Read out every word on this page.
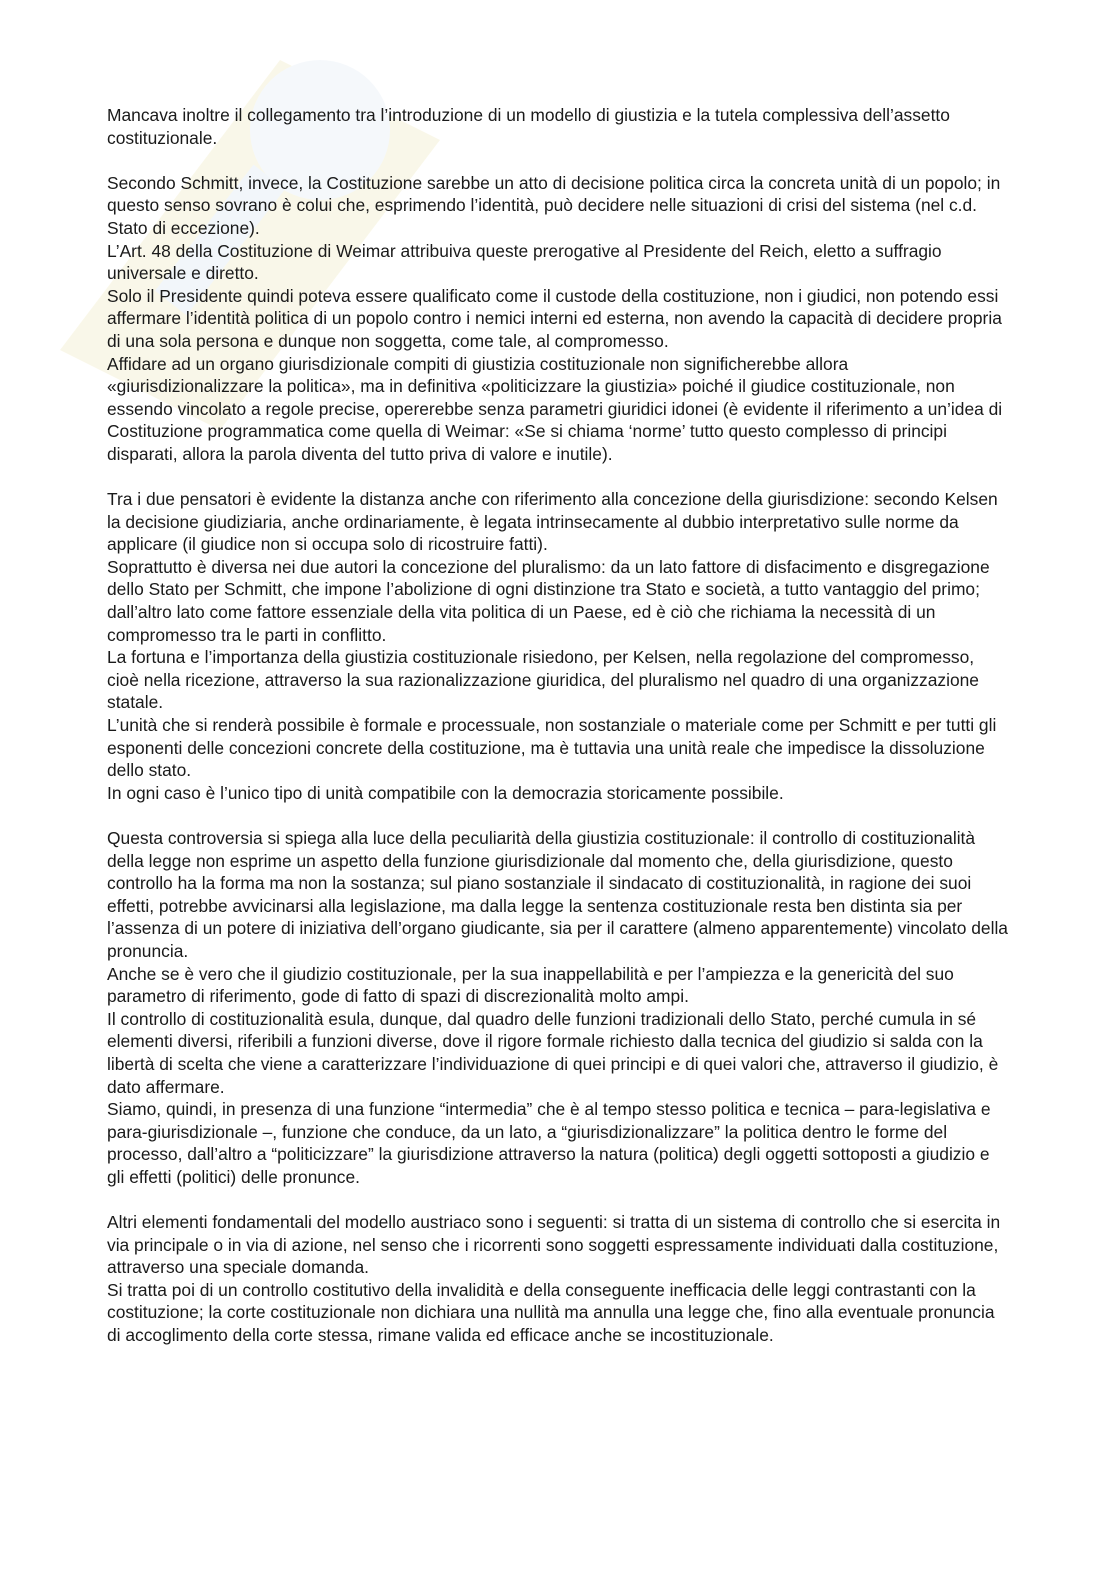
Mancava inoltre il collegamento tra l’introduzione di un modello di giustizia e la tutela complessiva dell’assetto costituzionale.

Secondo Schmitt, invece, la Costituzione sarebbe un atto di decisione politica circa la concreta unità di un popolo; in questo senso sovrano è colui che, esprimendo l’identità, può decidere nelle situazioni di crisi del sistema (nel c.d. Stato di eccezione).

L’Art. 48 della Costituzione di Weimar attribuiva queste prerogative al Presidente del Reich, eletto a suffragio universale e diretto.

Solo il Presidente quindi poteva essere qualificato come il custode della costituzione, non i giudici, non potendo essi affermare l’identità politica di un popolo contro i nemici interni ed esterna, non avendo la capacità di decidere propria di una sola persona e dunque non soggetta, come tale, al compromesso.

Affidare ad un organo giurisdizionale compiti di giustizia costituzionale non significherebbe allora «giurisdizionalizzare la politica», ma in definitiva «politicizzare la giustizia» poiché il giudice costituzionale, non essendo vincolato a regole precise, opererebbe senza parametri giuridici idonei (è evidente il riferimento a un’idea di Costituzione programmatica come quella di Weimar: «Se si chiama ‘norme’ tutto questo complesso di principi disparati, allora la parola diventa del tutto priva di valore e inutile).

Tra i due pensatori è evidente la distanza anche con riferimento alla concezione della giurisdizione: secondo Kelsen la decisione giudiziaria, anche ordinariamente, è legata intrinsecamente al dubbio interpretativo sulle norme da applicare (il giudice non si occupa solo di ricostruire fatti).

Soprattutto è diversa nei due autori la concezione del pluralismo: da un lato fattore di disfacimento e disgregazione dello Stato per Schmitt, che impone l’abolizione di ogni distinzione tra Stato e società, a tutto vantaggio del primo; dall’altro lato come fattore essenziale della vita politica di un Paese, ed è ciò che richiama la necessità di un compromesso tra le parti in conflitto.

La fortuna e l’importanza della giustizia costituzionale risiedono, per Kelsen, nella regolazione del compromesso, cioè nella ricezione, attraverso la sua razionalizzazione giuridica, del pluralismo nel quadro di una organizzazione statale.

L’unità che si renderà possibile è formale e processuale, non sostanziale o materiale come per Schmitt e per tutti gli esponenti delle concezioni concrete della costituzione, ma è tuttavia una unità reale che impedisce la dissoluzione dello stato.

In ogni caso è l’unico tipo di unità compatibile con la democrazia storicamente possibile.

Questa controversia si spiega alla luce della peculiarità della giustizia costituzionale: il controllo di costituzionalità della legge non esprime un aspetto della funzione giurisdizionale dal momento che, della giurisdizione, questo controllo ha la forma ma non la sostanza; sul piano sostanziale il sindacato di costituzionalità, in ragione dei suoi effetti, potrebbe avvicinarsi alla legislazione, ma dalla legge la sentenza costituzionale resta ben distinta sia per l’assenza di un potere di iniziativa dell’organo giudicante, sia per il carattere (almeno apparentemente) vincolato della pronuncia.

Anche se è vero che il giudizio costituzionale, per la sua inappellabilità e per l’ampiezza e la genericità del suo parametro di riferimento, gode di fatto di spazi di discrezionalità molto ampi.

Il controllo di costituzionalità esula, dunque, dal quadro delle funzioni tradizionali dello Stato, perché cumula in sé elementi diversi, riferibili a funzioni diverse, dove il rigore formale richiesto dalla tecnica del giudizio si salda con la libertà di scelta che viene a caratterizzare l’individuazione di quei principi e di quei valori che, attraverso il giudizio, è dato affermare.

Siamo, quindi, in presenza di una funzione “intermedia” che è al tempo stesso politica e tecnica – para-legislativa e para-giurisdizionale –, funzione che conduce, da un lato, a “giurisdizionalizzare” la politica dentro le forme del processo, dall’altro a “politicizzare” la giurisdizione attraverso la natura (politica) degli oggetti sottoposti a giudizio e gli effetti (politici) delle pronunce.

Altri elementi fondamentali del modello austriaco sono i seguenti: si tratta di un sistema di controllo che si esercita in via principale o in via di azione, nel senso che i ricorrenti sono soggetti espressamente individuati dalla costituzione, attraverso una speciale domanda.

Si tratta poi di un controllo costitutivo della invalidità e della conseguente inefficacia delle leggi contrastanti con la costituzione; la corte costituzionale non dichiara una nullità ma annulla una legge che, fino alla eventuale pronuncia di accoglimento della corte stessa, rimane valida ed efficace anche se incostituzionale.
